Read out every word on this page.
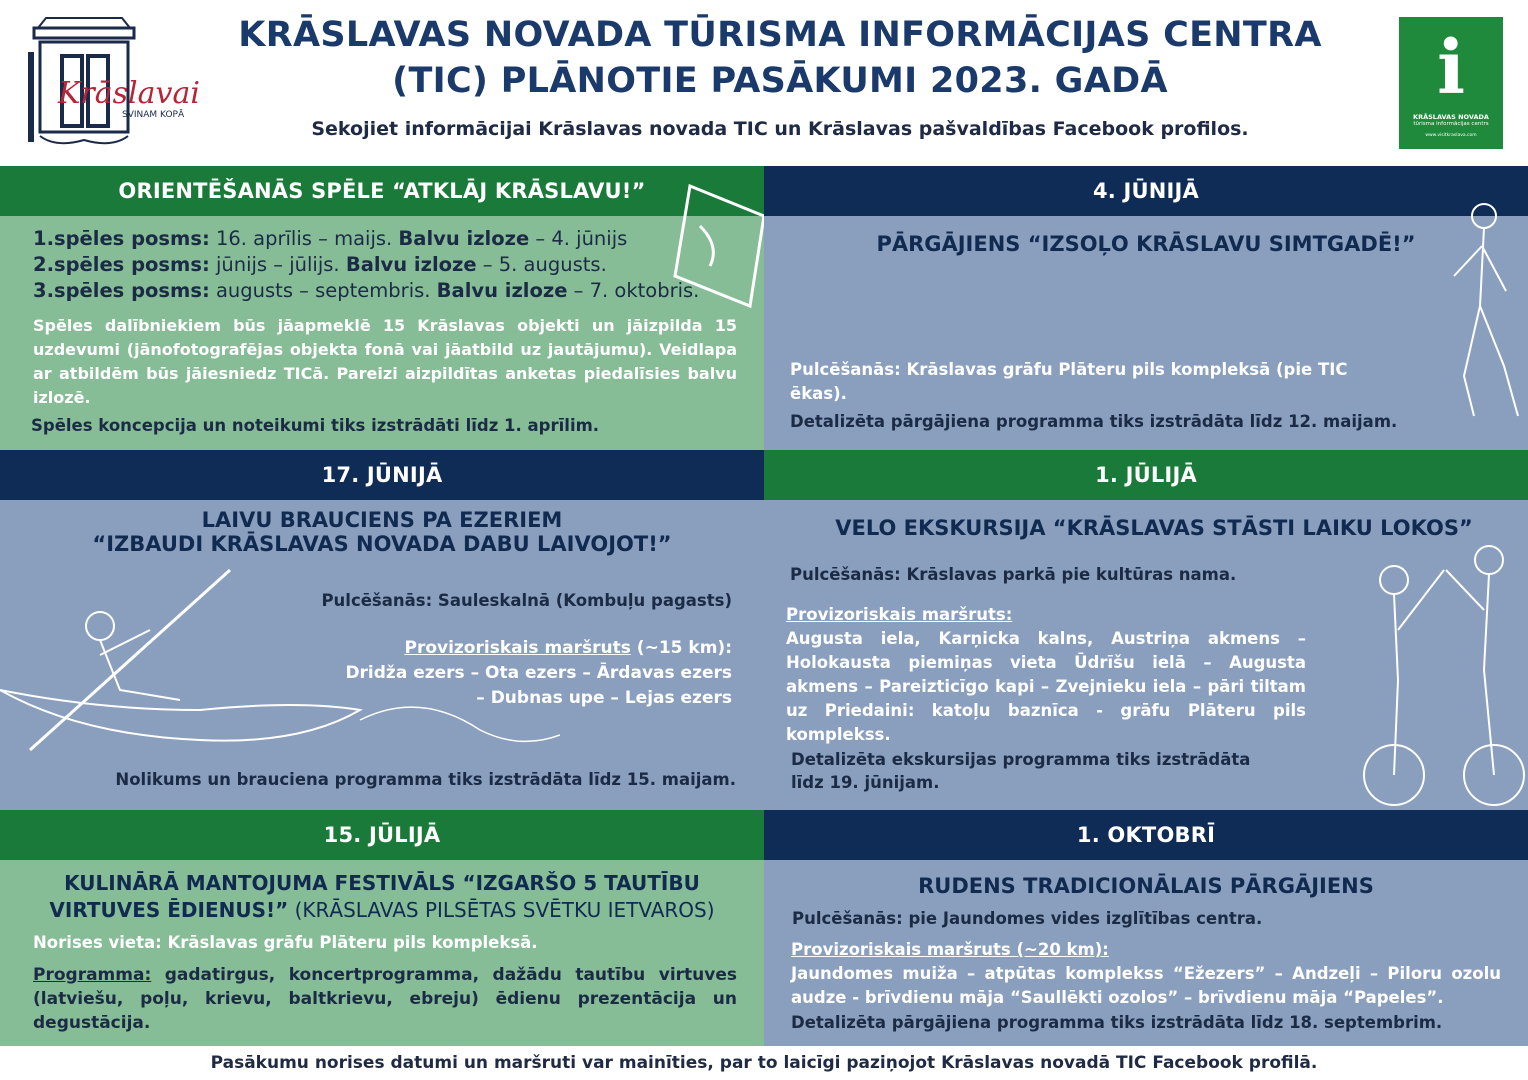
Krāslavai
SVINAM KOPĀ
KRĀSLAVAS NOVADA TŪRISMA INFORMĀCIJAS CENTRA
(TIC) PLĀNOTIE PASĀKUMI 2023. GADĀ
Sekojiet informācijai Krāslavas novada TIC un Krāslavas pašvaldības Facebook profilos.
i
KRĀSLAVAS NOVADA
tūrisma informācijas centrs
www.visitkraslava.com
ORIENTĒŠANĀS SPĒLE “ATKLĀJ KRĀSLAVU!”
1.spēles posms: 16. aprīlis – maijs. Balvu izloze – 4. jūnijs
2.spēles posms: jūnijs – jūlijs. Balvu izloze – 5. augusts.
3.spēles posms: augusts – septembris. Balvu izloze – 7. oktobris.
Spēles dalībniekiem būs jāapmeklē 15 Krāslavas objekti un jāizpilda 15 uzdevumi (jānofotografējas objekta fonā vai jāatbild uz jautājumu). Veidlapa ar atbildēm būs jāiesniedz TICā. Pareizi aizpildītas anketas piedalīsies balvu izlozē.
Spēles koncepcija un noteikumi tiks izstrādāti līdz 1. aprīlim.
4. JŪNIJĀ
PĀRGĀJIENS “IZSOĻO KRĀSLAVU SIMTGADĒ!”
Pulcēšanās: Krāslavas grāfu Plāteru pils kompleksā (pie TIC ēkas).
Detalizēta pārgājiena programma tiks izstrādāta līdz 12. maijam.
17. JŪNIJĀ
LAIVU BRAUCIENS PA EZERIEM
“IZBAUDI KRĀSLAVAS NOVADA DABU LAIVOJOT!”
Pulcēšanās: Sauleskalnā (Kombuļu pagasts)
Provizoriskais maršruts (~15 km):
Dridža ezers – Ota ezers – Ārdavas ezers
– Dubnas upe – Lejas ezers
Nolikums un brauciena programma tiks izstrādāta līdz 15. maijam.
1. JŪLIJĀ
VELO EKSKURSIJA “KRĀSLAVAS STĀSTI LAIKU LOKOS”
Pulcēšanās: Krāslavas parkā pie kultūras nama.
Provizoriskais maršruts:
Augusta iela, Karņicka kalns, Austriņa akmens – Holokausta piemiņas vieta Ūdrīšu ielā – Augusta akmens – Pareizticīgo kapi – Zvejnieku iela – pāri tiltam uz Priedaini: katoļu baznīca - grāfu Plāteru pils komplekss.
Detalizēta ekskursijas programma tiks izstrādāta
līdz 19. jūnijam.
15. JŪLIJĀ
KULINĀRĀ MANTOJUMA FESTIVĀLS “IZGARŠO 5 TAUTĪBU
VIRTUVES ĒDIENUS!” (KRĀSLAVAS PILSĒTAS SVĒTKU IETVAROS)
Norises vieta: Krāslavas grāfu Plāteru pils kompleksā.
Programma: gadatirgus, koncertprogramma, dažādu tautību virtuves (latviešu, poļu, krievu, baltkrievu, ebreju) ēdienu prezentācija un degustācija.
1. OKTOBRĪ
RUDENS TRADICIONĀLAIS PĀRGĀJIENS
Pulcēšanās: pie Jaundomes vides izglītības centra.
Provizoriskais maršruts (~20 km):
Jaundomes muiža – atpūtas komplekss “Ežezers” – Andzeļi – Piloru ozolu audze - brīvdienu māja “Saullēkti ozolos” – brīvdienu māja “Papeles”.
Detalizēta pārgājiena programma tiks izstrādāta līdz 18. septembrim.
Pasākumu norises datumi un maršruti var mainīties, par to laicīgi paziņojot Krāslavas novadā TIC Facebook profilā.
